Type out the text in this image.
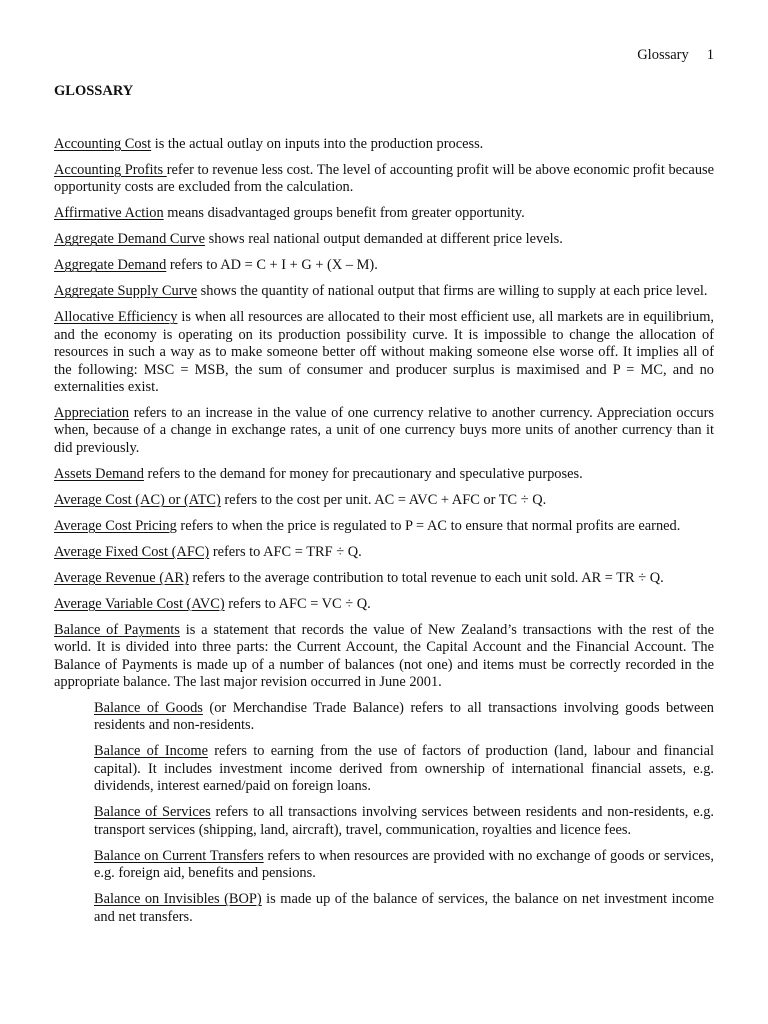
Glossary 1
GLOSSARY

Accounting Cost is the actual outlay on inputs into the production process.

Accounting Profits refer to revenue less cost. The level of accounting profit will be above economic profit because opportunity costs are excluded from the calculation.

Affirmative Action means disadvantaged groups benefit from greater opportunity.

Aggregate Demand Curve shows real national output demanded at different price levels.

Aggregate Demand refers to AD = C + I + G + (X – M).

Aggregate Supply Curve shows the quantity of national output that firms are willing to supply at each price level.

Allocative Efficiency is when all resources are allocated to their most efficient use, all markets are in equilibrium, and the economy is operating on its production possibility curve. It is impossible to change the allocation of resources in such a way as to make someone better off without making someone else worse off. It implies all of the following: MSC = MSB, the sum of consumer and producer surplus is maximised and P = MC, and no externalities exist.

Appreciation refers to an increase in the value of one currency relative to another currency. Appreciation occurs when, because of a change in exchange rates, a unit of one currency buys more units of another currency than it did previously.

Assets Demand refers to the demand for money for precautionary and speculative purposes.

Average Cost (AC) or (ATC) refers to the cost per unit. AC = AVC + AFC or TC ÷ Q.

Average Cost Pricing refers to when the price is regulated to P = AC to ensure that normal profits are earned.

Average Fixed Cost (AFC) refers to AFC = TRF ÷ Q.

Average Revenue (AR) refers to the average contribution to total revenue to each unit sold. AR = TR ÷ Q.

Average Variable Cost (AVC) refers to AFC = VC ÷ Q.

Balance of Payments is a statement that records the value of New Zealand’s transactions with the rest of the world. It is divided into three parts: the Current Account, the Capital Account and the Financial Account. The Balance of Payments is made up of a number of balances (not one) and items must be correctly recorded in the appropriate balance. The last major revision occurred in June 2001.

Balance of Goods (or Merchandise Trade Balance) refers to all transactions involving goods between residents and non-residents.

Balance of Income refers to earning from the use of factors of production (land, labour and financial capital). It includes investment income derived from ownership of international financial assets, e.g. dividends, interest earned/paid on foreign loans.

Balance of Services refers to all transactions involving services between residents and non-residents, e.g. transport services (shipping, land, aircraft), travel, communication, royalties and licence fees.

Balance on Current Transfers refers to when resources are provided with no exchange of goods or services, e.g. foreign aid, benefits and pensions.

Balance on Invisibles (BOP) is made up of the balance of services, the balance on net investment income and net transfers.
